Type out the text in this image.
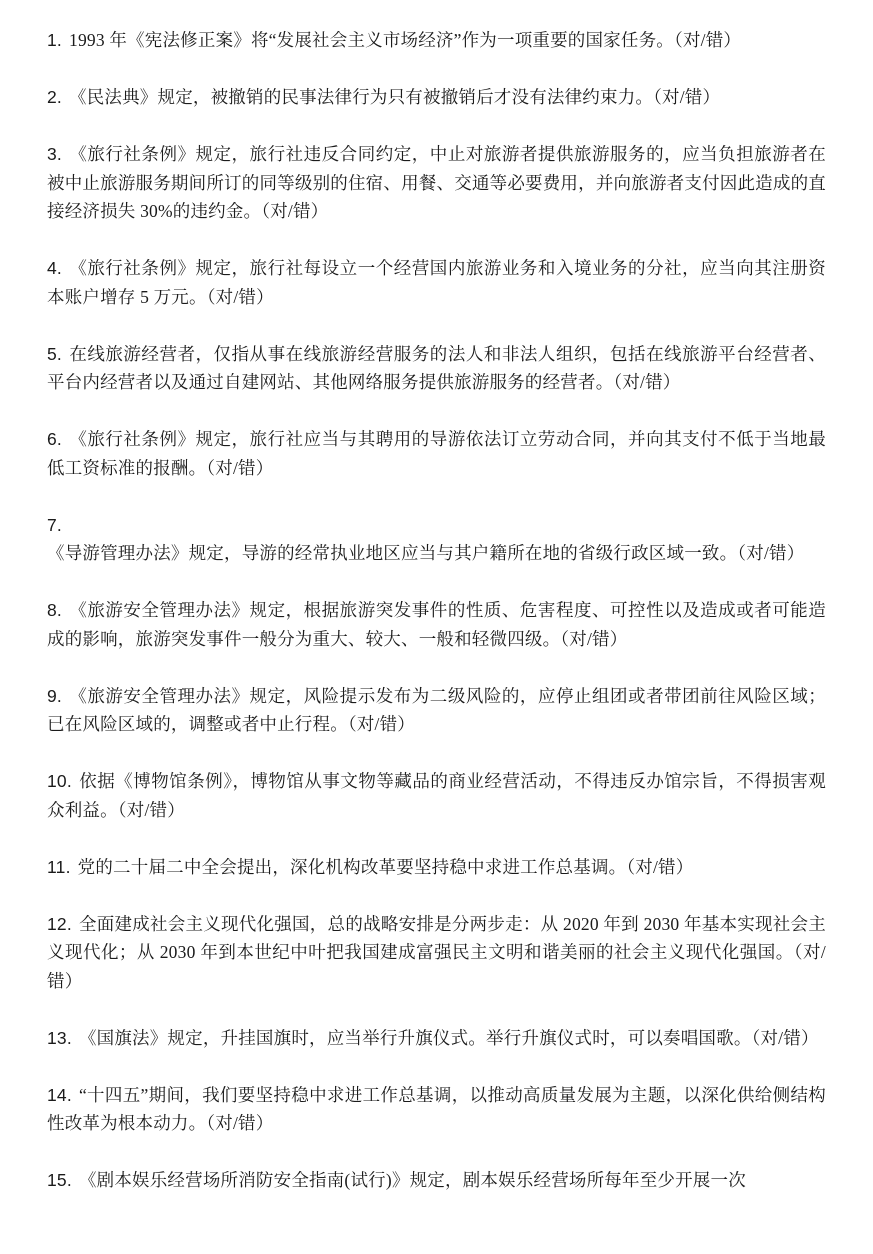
1. 1993 年《宪法修正案》将“发展社会主义市场经济”作为一项重要的国家任务。（对/错）

2. 《民法典》规定，被撤销的民事法律行为只有被撤销后才没有法律约束力。（对/错）

3. 《旅行社条例》规定，旅行社违反合同约定，中止对旅游者提供旅游服务的，应当负担旅游者在被中止旅游服务期间所订的同等级别的住宿、用餐、交通等必要费用，并向旅游者支付因此造成的直接经济损失 30%的违约金。（对/错）

4. 《旅行社条例》规定，旅行社每设立一个经营国内旅游业务和入境业务的分社，应当向其注册资本账户增存 5 万元。（对/错）

5. 在线旅游经营者，仅指从事在线旅游经营服务的法人和非法人组织，包括在线旅游平台经营者、平台内经营者以及通过自建网站、其他网络服务提供旅游服务的经营者。（对/错）

6. 《旅行社条例》规定，旅行社应当与其聘用的导游依法订立劳动合同，并向其支付不低于当地最低工资标准的报酬。（对/错）

7.《导游管理办法》规定，导游的经常执业地区应当与其户籍所在地的省级行政区域一致。（对/错）

8. 《旅游安全管理办法》规定，根据旅游突发事件的性质、危害程度、可控性以及造成或者可能造成的影响，旅游突发事件一般分为重大、较大、一般和轻微四级。（对/错）

9. 《旅游安全管理办法》规定，风险提示发布为二级风险的，应停止组团或者带团前往风险区域；已在风险区域的，调整或者中止行程。（对/错）

10. 依据《博物馆条例》，博物馆从事文物等藏品的商业经营活动，不得违反办馆宗旨，不得损害观众利益。（对/错）

11. 党的二十届二中全会提出，深化机构改革要坚持稳中求进工作总基调。（对/错）

12. 全面建成社会主义现代化强国，总的战略安排是分两步走：从 2020 年到 2030 年基本实现社会主义现代化；从 2030 年到本世纪中叶把我国建成富强民主文明和谐美丽的社会主义现代化强国。（对/错）

13. 《国旗法》规定，升挂国旗时，应当举行升旗仪式。举行升旗仪式时，可以奏唱国歌。（对/错）

14. “十四五”期间，我们要坚持稳中求进工作总基调，以推动高质量发展为主题，以深化供给侧结构性改革为根本动力。（对/错）

15. 《剧本娱乐经营场所消防安全指南(试行)》规定，剧本娱乐经营场所每年至少开展一次
